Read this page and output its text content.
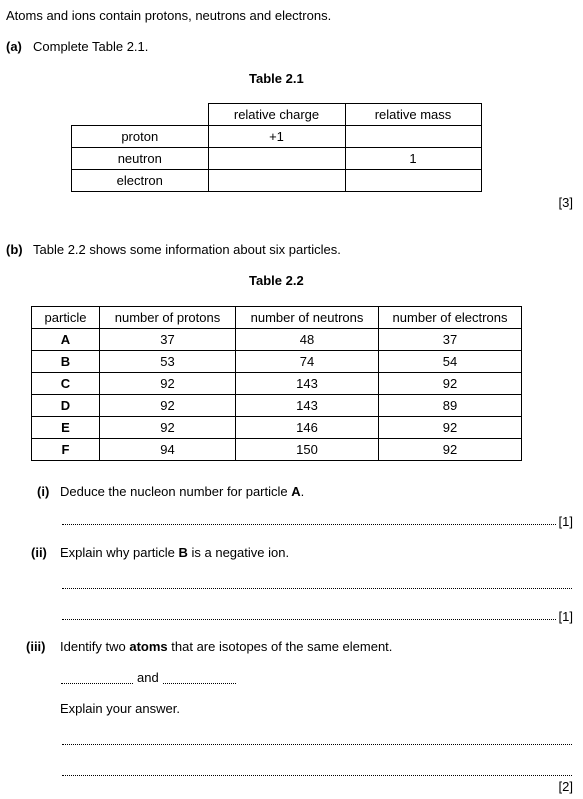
Atoms and ions contain protons, neutrons and electrons.
(a) Complete Table 2.1.
Table 2.1
	relative charge	relative mass
proton	+1	
neutron		1
electron		
[3]
(b) Table 2.2 shows some information about six particles.
Table 2.2
particle	number of protons	number of neutrons	number of electrons
A	37	48	37
B	53	74	54
C	92	143	92
D	92	143	89
E	92	146	92
F	94	150	92
(i) Deduce the nucleon number for particle A.
[1]
(ii) Explain why particle B is a negative ion.
[1]
(iii) Identify two atoms that are isotopes of the same element.
and
Explain your answer.
[2]
